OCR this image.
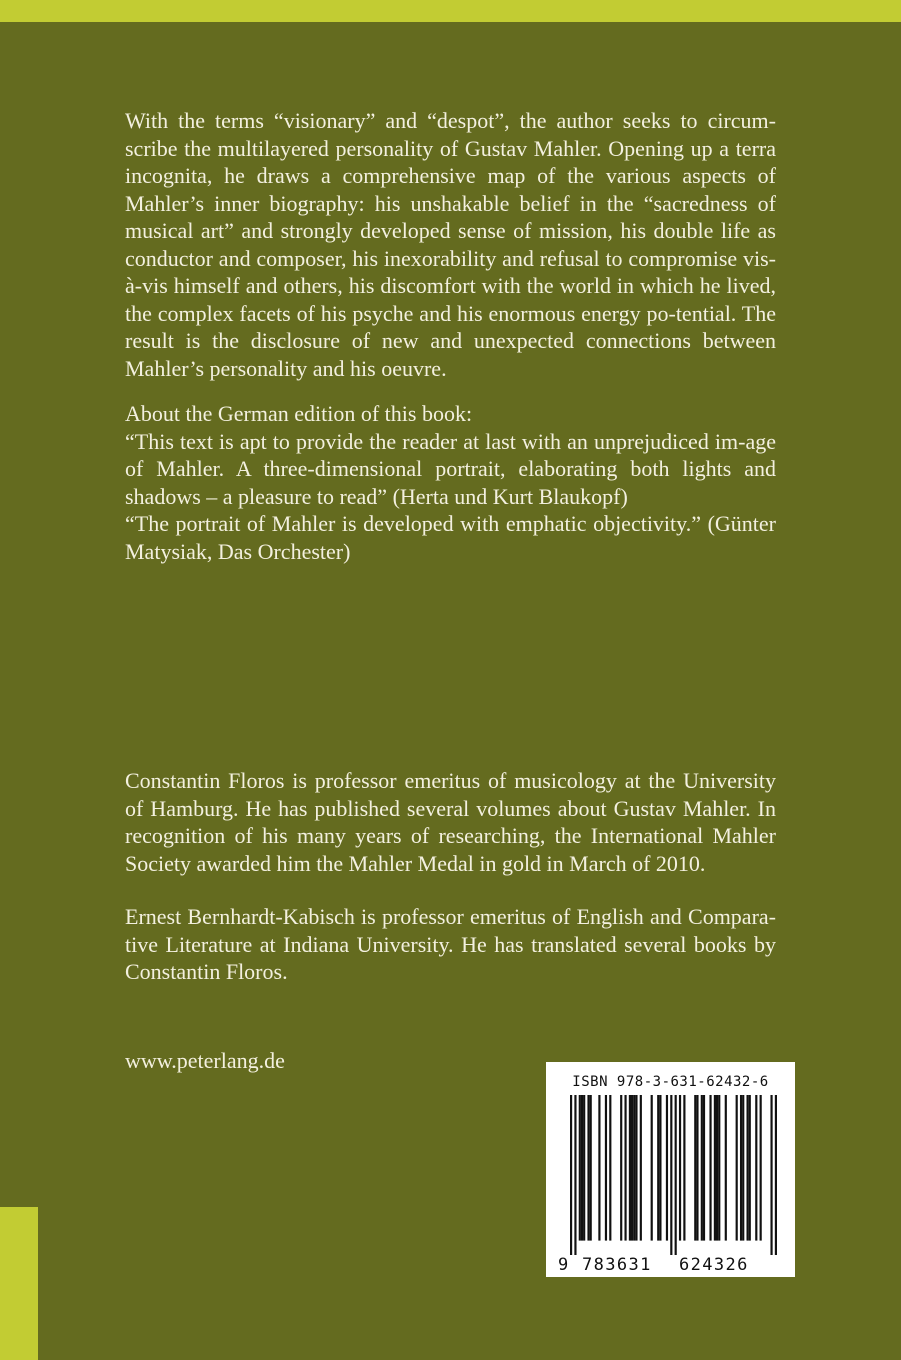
With the terms “visionary” and “despot”, the author seeks to circum-scribe the multilayered personality of Gustav Mahler. Opening up a terra incognita, he draws a comprehensive map of the various aspects of Mahler’s inner biography: his unshakable belief in the “sacredness of musical art” and strongly developed sense of mission, his double life as conductor and composer, his inexorability and refusal to compromise vis-à-vis himself and others, his discomfort with the world in which he lived, the complex facets of his psyche and his enormous energy po-tential. The result is the disclosure of new and unexpected connections between Mahler’s personality and his oeuvre.

About the German edition of this book:

“This text is apt to provide the reader at last with an unprejudiced im-age of Mahler. A three-dimensional portrait, elaborating both lights and shadows – a pleasure to read” (Herta und Kurt Blaukopf)

“The portrait of Mahler is developed with emphatic objectivity.” (Günter Matysiak, Das Orchester)

Constantin Floros is professor emeritus of musicology at the University of Hamburg. He has published several volumes about Gustav Mahler. In recognition of his many years of researching, the International Mahler Society awarded him the Mahler Medal in gold in March of 2010.

Ernest Bernhardt-Kabisch is professor emeritus of English and Compara-tive Literature at Indiana University. He has translated several books by Constantin Floros.

www.peterlang.de
ISBN 978-3-631-62432-6
9 783631 624326
